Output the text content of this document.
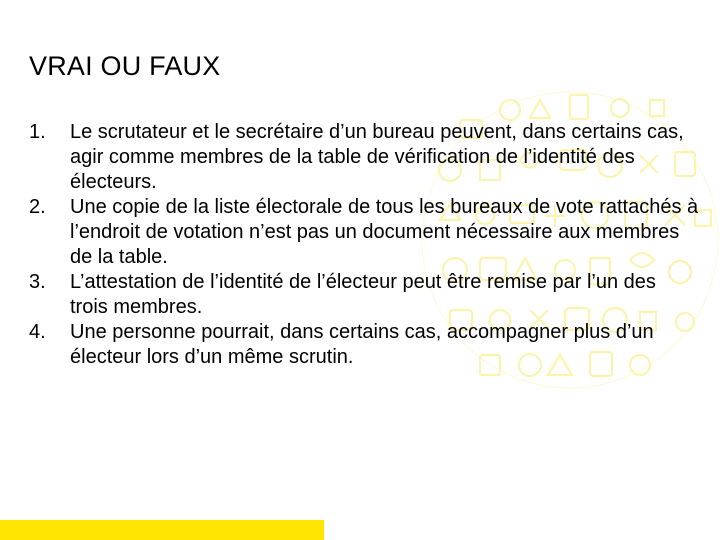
VRAI OU FAUX
1. Le scrutateur et le secrétaire d’un bureau peuvent, dans certains cas, agir comme membres de la table de vérification de l’identité des électeurs.
2. Une copie de la liste électorale de tous les bureaux de vote rattachés à l’endroit de votation n’est pas un document nécessaire aux membres de la table.
3. L’attestation de l’identité de l’électeur peut être remise par l’un des trois membres.
4. Une personne pourrait, dans certains cas, accompagner plus d’un électeur lors d’un même scrutin.
